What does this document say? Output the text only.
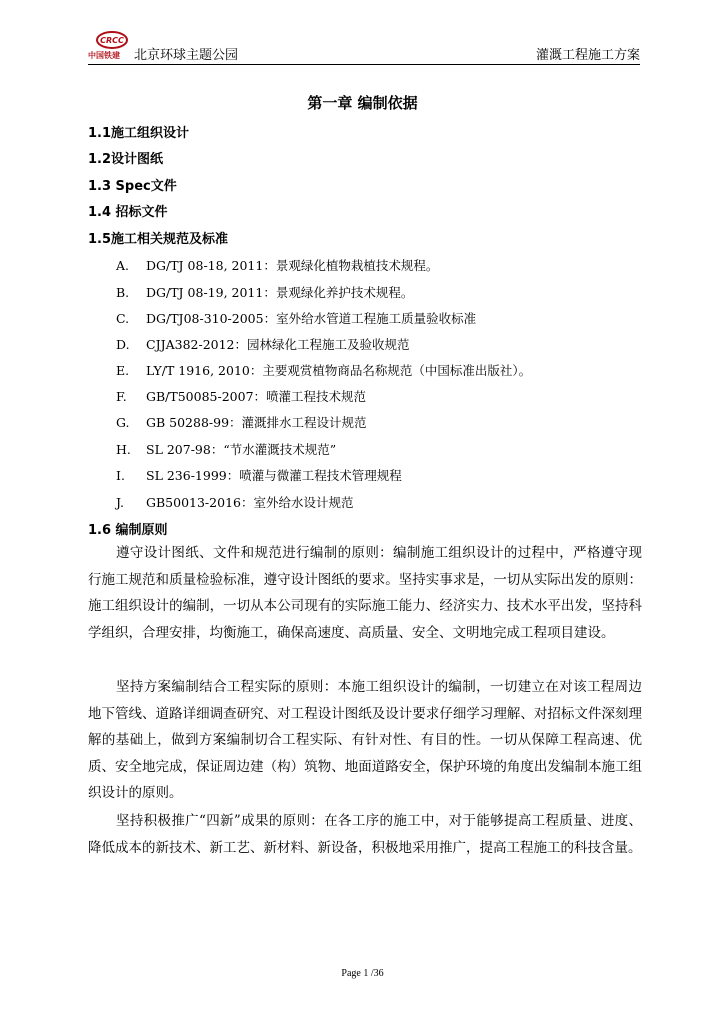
CRCC
中国铁建 北京环球主题公园	灌溉工程施工方案
第一章 编制依据
1.1施工组织设计
1.2设计图纸
1.3 Spec文件
1.4 招标文件
1.5施工相关规范及标准
A. DG/TJ 08-18, 2011：景观绿化植物栽植技术规程。
B. DG/TJ 08-19, 2011：景观绿化养护技术规程。
C. DG/TJ08-310-2005：室外给水管道工程施工质量验收标准
D. CJJA382-2012：园林绿化工程施工及验收规范
E. LY/T 1916, 2010：主要观赏植物商品名称规范（中国标准出版社）。
F. GB/T50085-2007：喷灌工程技术规范
G. GB 50288-99：灌溉排水工程设计规范
H. SL 207-98：“节水灌溉技术规范”
I. SL 236-1999：喷灌与微灌工程技术管理规程
J. GB50013-2016：室外给水设计规范
1.6 编制原则

遵守设计图纸、文件和规范进行编制的原则：编制施工组织设计的过程中，严格遵守现行施工规范和质量检验标准，遵守设计图纸的要求。坚持实事求是，一切从实际出发的原则：施工组织设计的编制，一切从本公司现有的实际施工能力、经济实力、技术水平出发，坚持科学组织，合理安排，均衡施工，确保高速度、高质量、安全、文明地完成工程项目建设。

坚持方案编制结合工程实际的原则：本施工组织设计的编制，一切建立在对该工程周边地下管线、道路详细调查研究、对工程设计图纸及设计要求仔细学习理解、对招标文件深刻理解的基础上，做到方案编制切合工程实际、有针对性、有目的性。一切从保障工程高速、优质、安全地完成，保证周边建（构）筑物、地面道路安全，保护环境的角度出发编制本施工组织设计的原则。

坚持积极推广“四新”成果的原则：在各工序的施工中，对于能够提高工程质量、进度、降低成本的新技术、新工艺、新材料、新设备，积极地采用推广，提高工程施工的科技含量。

Page 1 /36
